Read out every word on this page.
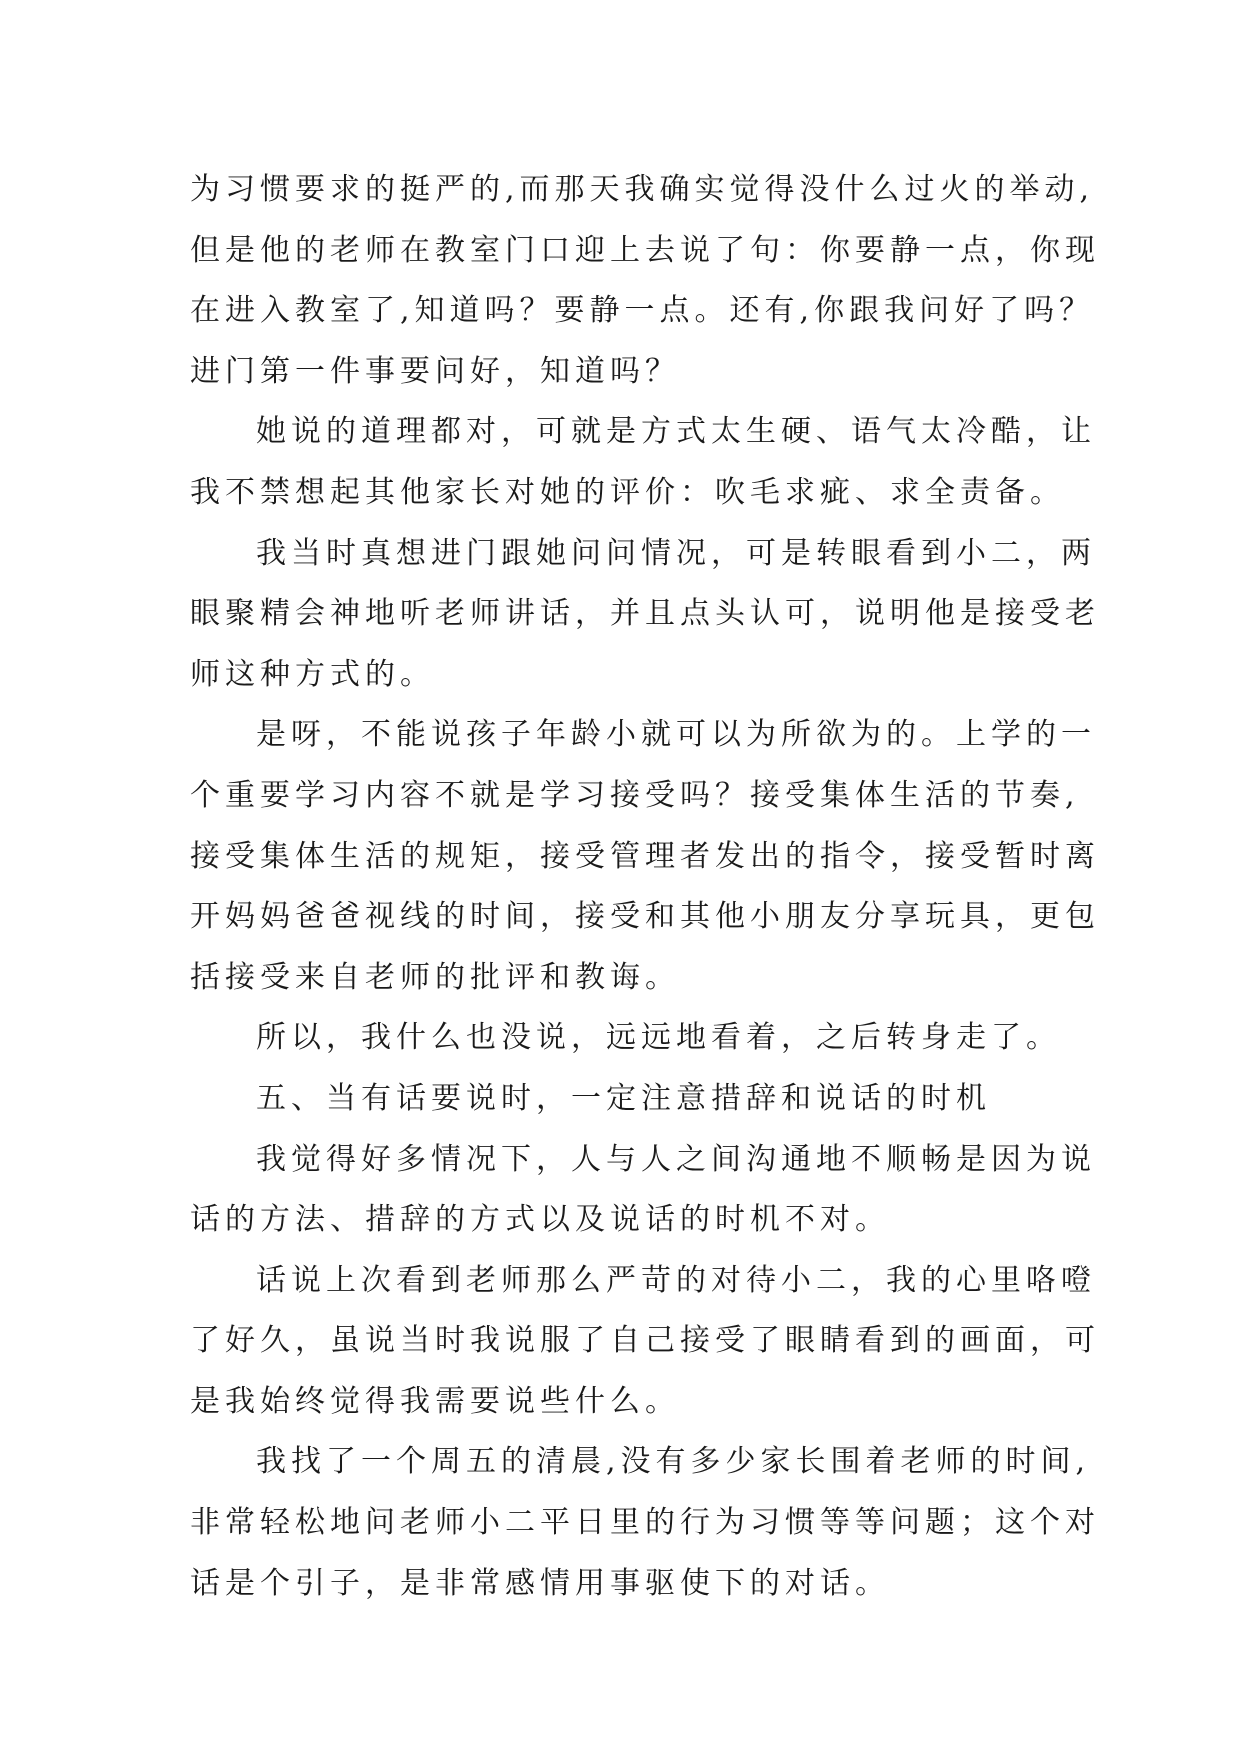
为习惯要求的挺严的,而那天我确实觉得没什么过火的举动,
但是他的老师在教室门口迎上去说了句：你要静一点，你现
在进入教室了,知道吗？要静一点。还有,你跟我问好了吗？
进门第一件事要问好，知道吗？
她说的道理都对，可就是方式太生硬、语气太冷酷，让
我不禁想起其他家长对她的评价：吹毛求疵、求全责备。
我当时真想进门跟她问问情况，可是转眼看到小二，两
眼聚精会神地听老师讲话，并且点头认可，说明他是接受老
师这种方式的。
是呀，不能说孩子年龄小就可以为所欲为的。上学的一
个重要学习内容不就是学习接受吗？接受集体生活的节奏,
接受集体生活的规矩，接受管理者发出的指令，接受暂时离
开妈妈爸爸视线的时间，接受和其他小朋友分享玩具，更包
括接受来自老师的批评和教诲。
所以，我什么也没说，远远地看着，之后转身走了。
五、当有话要说时，一定注意措辞和说话的时机
我觉得好多情况下，人与人之间沟通地不顺畅是因为说
话的方法、措辞的方式以及说话的时机不对。
话说上次看到老师那么严苛的对待小二，我的心里咯噔
了好久，虽说当时我说服了自己接受了眼睛看到的画面，可
是我始终觉得我需要说些什么。
我找了一个周五的清晨,没有多少家长围着老师的时间,
非常轻松地问老师小二平日里的行为习惯等等问题；这个对
话是个引子，是非常感情用事驱使下的对话。
